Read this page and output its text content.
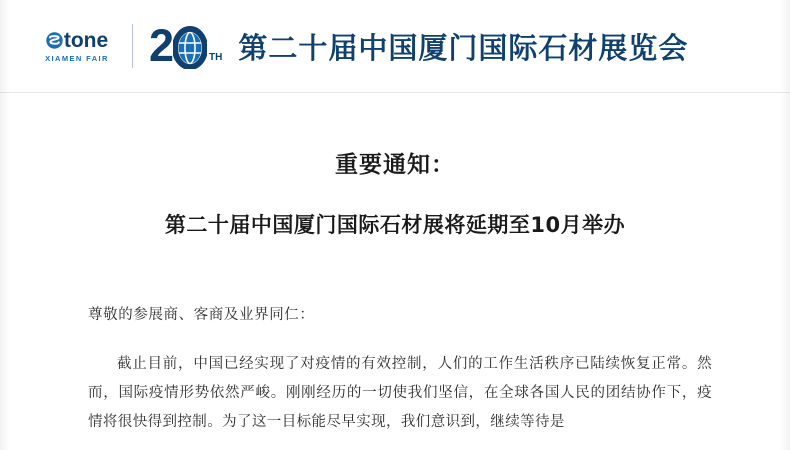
tone
XIAMEN FAIR 2	TH 第二十届中国厦门国际石材展览会
重要通知：
第二十届中国厦门国际石材展将延期至10月举办
尊敬的参展商、客商及业界同仁：
截止目前，中国已经实现了对疫情的有效控制，人们的工作生活秩序已陆续恢复正常。然而，国际疫情形势依然严峻。刚刚经历的一切使我们坚信，在全球各国人民的团结协作下，疫情将很快得到控制。为了这一目标能尽早实现，我们意识到，继续等待是
